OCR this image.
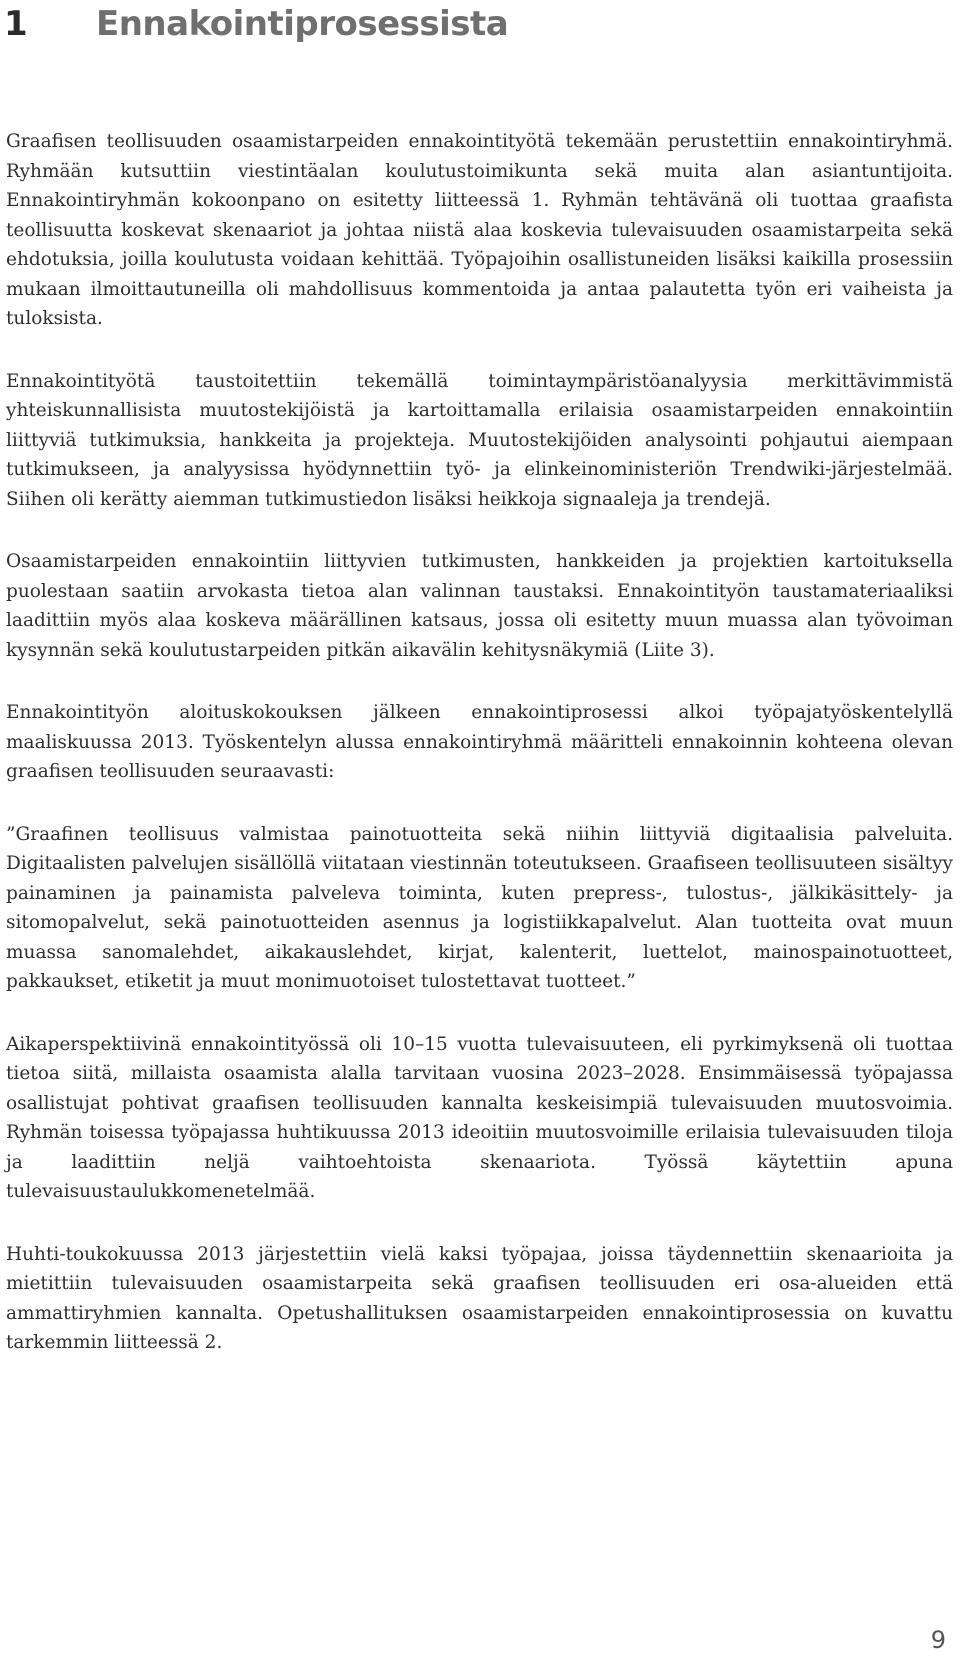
1	Ennakointiprosessista

Graafisen teollisuuden osaamistarpeiden ennakointityötä tekemään perustettiin ennakointiryhmä. Ryhmään kutsuttiin viestintäalan koulutustoimikunta sekä muita alan asiantuntijoita. Ennakointiryhmän kokoonpano on esitetty liitteessä 1. Ryhmän tehtävänä oli tuottaa graafista teollisuutta koskevat skenaariot ja johtaa niistä alaa koskevia tulevaisuuden osaamistarpeita sekä ehdotuksia, joilla koulutusta voidaan kehittää. Työpajoihin osallistuneiden lisäksi kaikilla prosessiin mukaan ilmoittautuneilla oli mahdollisuus kommentoida ja antaa palautetta työn eri vaiheista ja tuloksista.

Ennakointityötä taustoitettiin tekemällä toimintaympäristöanalyysia merkittävimmistä yhteiskunnallisista muutostekijöistä ja kartoittamalla erilaisia osaamistarpeiden ennakointiin liittyviä tutkimuksia, hankkeita ja projekteja. Muutostekijöiden analysointi pohjautui aiempaan tutkimukseen, ja analyysissa hyödynnettiin työ- ja elinkeinoministeriön Trendwiki-järjestelmää. Siihen oli kerätty aiemman tutkimustiedon lisäksi heikkoja signaaleja ja trendejä.

Osaamistarpeiden ennakointiin liittyvien tutkimusten, hankkeiden ja projektien kartoituksella puolestaan saatiin arvokasta tietoa alan valinnan taustaksi. Ennakointityön taustamateriaaliksi laadittiin myös alaa koskeva määrällinen katsaus, jossa oli esitetty muun muassa alan työvoiman kysynnän sekä koulutustarpeiden pitkän aikavälin kehitysnäkymiä (Liite 3).

Ennakointityön aloituskokouksen jälkeen ennakointiprosessi alkoi työpajatyöskentelyllä maaliskuussa 2013. Työskentelyn alussa ennakointiryhmä määritteli ennakoinnin kohteena olevan graafisen teollisuuden seuraavasti:

”Graafinen teollisuus valmistaa painotuotteita sekä niihin liittyviä digitaalisia palveluita. Digitaalisten palvelujen sisällöllä viitataan viestinnän toteutukseen. Graafiseen teollisuuteen sisältyy painaminen ja painamista palveleva toiminta, kuten prepress-, tulostus-, jälkikäsittely- ja sitomopalvelut, sekä painotuotteiden asennus ja logistiikkapalvelut. Alan tuotteita ovat muun muassa sanomalehdet, aikakauslehdet, kirjat, kalenterit, luettelot, mainospainotuotteet, pakkaukset, etiketit ja muut monimuotoiset tulostettavat tuotteet.”

Aikaperspektiivinä ennakointityössä oli 10–15 vuotta tulevaisuuteen, eli pyrkimyksenä oli tuottaa tietoa siitä, millaista osaamista alalla tarvitaan vuosina 2023–2028. Ensimmäisessä työpajassa osallistujat pohtivat graafisen teollisuuden kannalta keskeisimpiä tulevaisuuden muutosvoimia. Ryhmän toisessa työpajassa huhtikuussa 2013 ideoitiin muutosvoimille erilaisia tulevaisuuden tiloja ja laadittiin neljä vaihtoehtoista skenaariota. Työssä käytettiin apuna tulevaisuustaulukkomenetelmää.

Huhti-toukokuussa 2013 järjestettiin vielä kaksi työpajaa, joissa täydennettiin skenaarioita ja mietittiin tulevaisuuden osaamistarpeita sekä graafisen teollisuuden eri osa-alueiden että ammattiryhmien kannalta. Opetushallituksen osaamistarpeiden ennakointiprosessia on kuvattu tarkemmin liitteessä 2.

9
